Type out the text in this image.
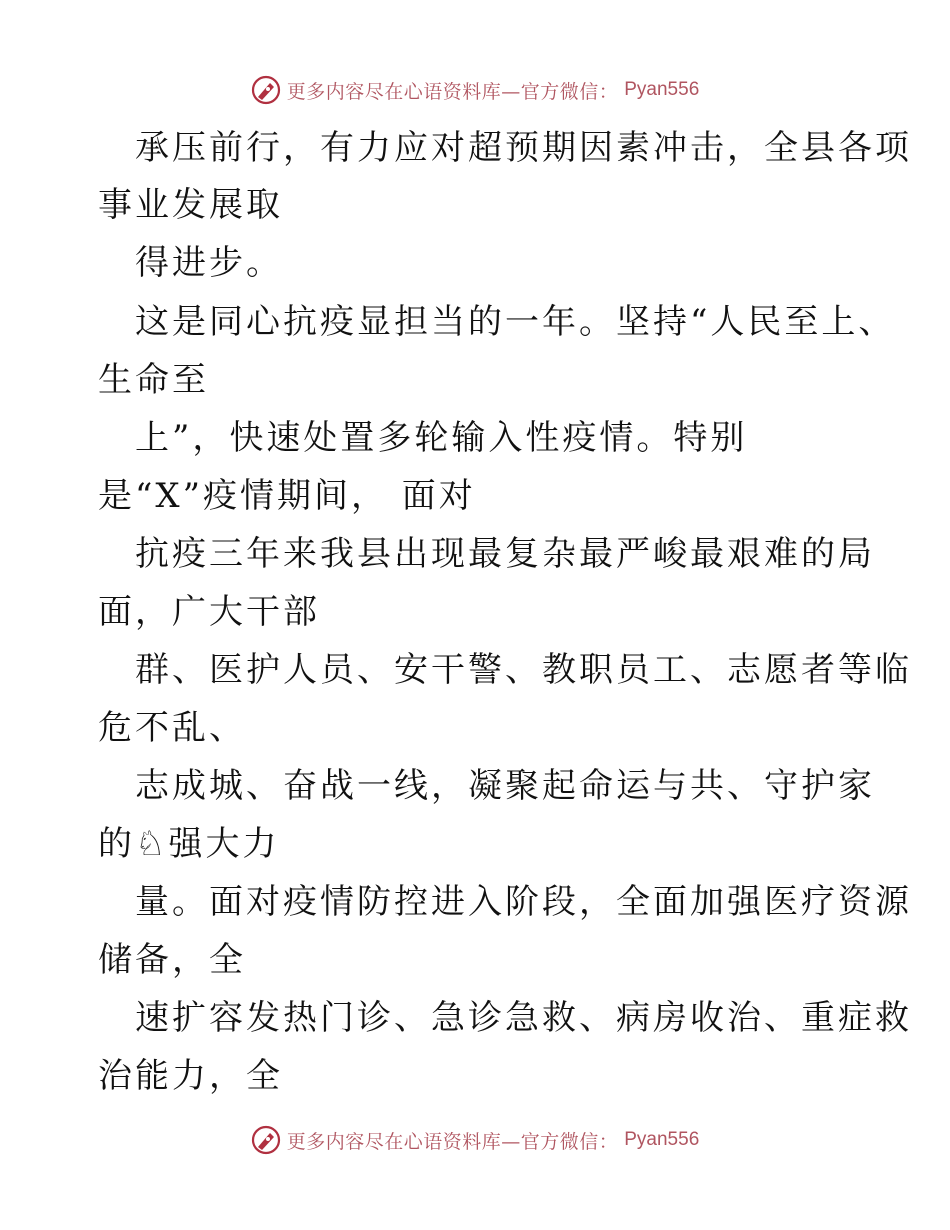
更多内容尽在心语资料库—官方微信： Pyan556
承压前行，有力应对超预期因素冲击，全县各项
事业发展取
得进步。
这是同心抗疫显担当的一年。坚持“人民至上、
生命至
上”，快速处置多轮输入性疫情。特别
是“X”疫情期间， 面对
抗疫三年来我县出现最复杂最严峻最艰难的局
面，广大干部
群、医护人员、安干警、教职员工、志愿者等临
危不乱、
志成城、奋战一线，凝聚起命运与共、守护家
的♘强大力
量。面对疫情防控进入阶段，全面加强医疗资源
储备，全
速扩容发热门诊、急诊急救、病房收治、重症救
治能力，全
更多内容尽在心语资料库—官方微信： Pyan556
